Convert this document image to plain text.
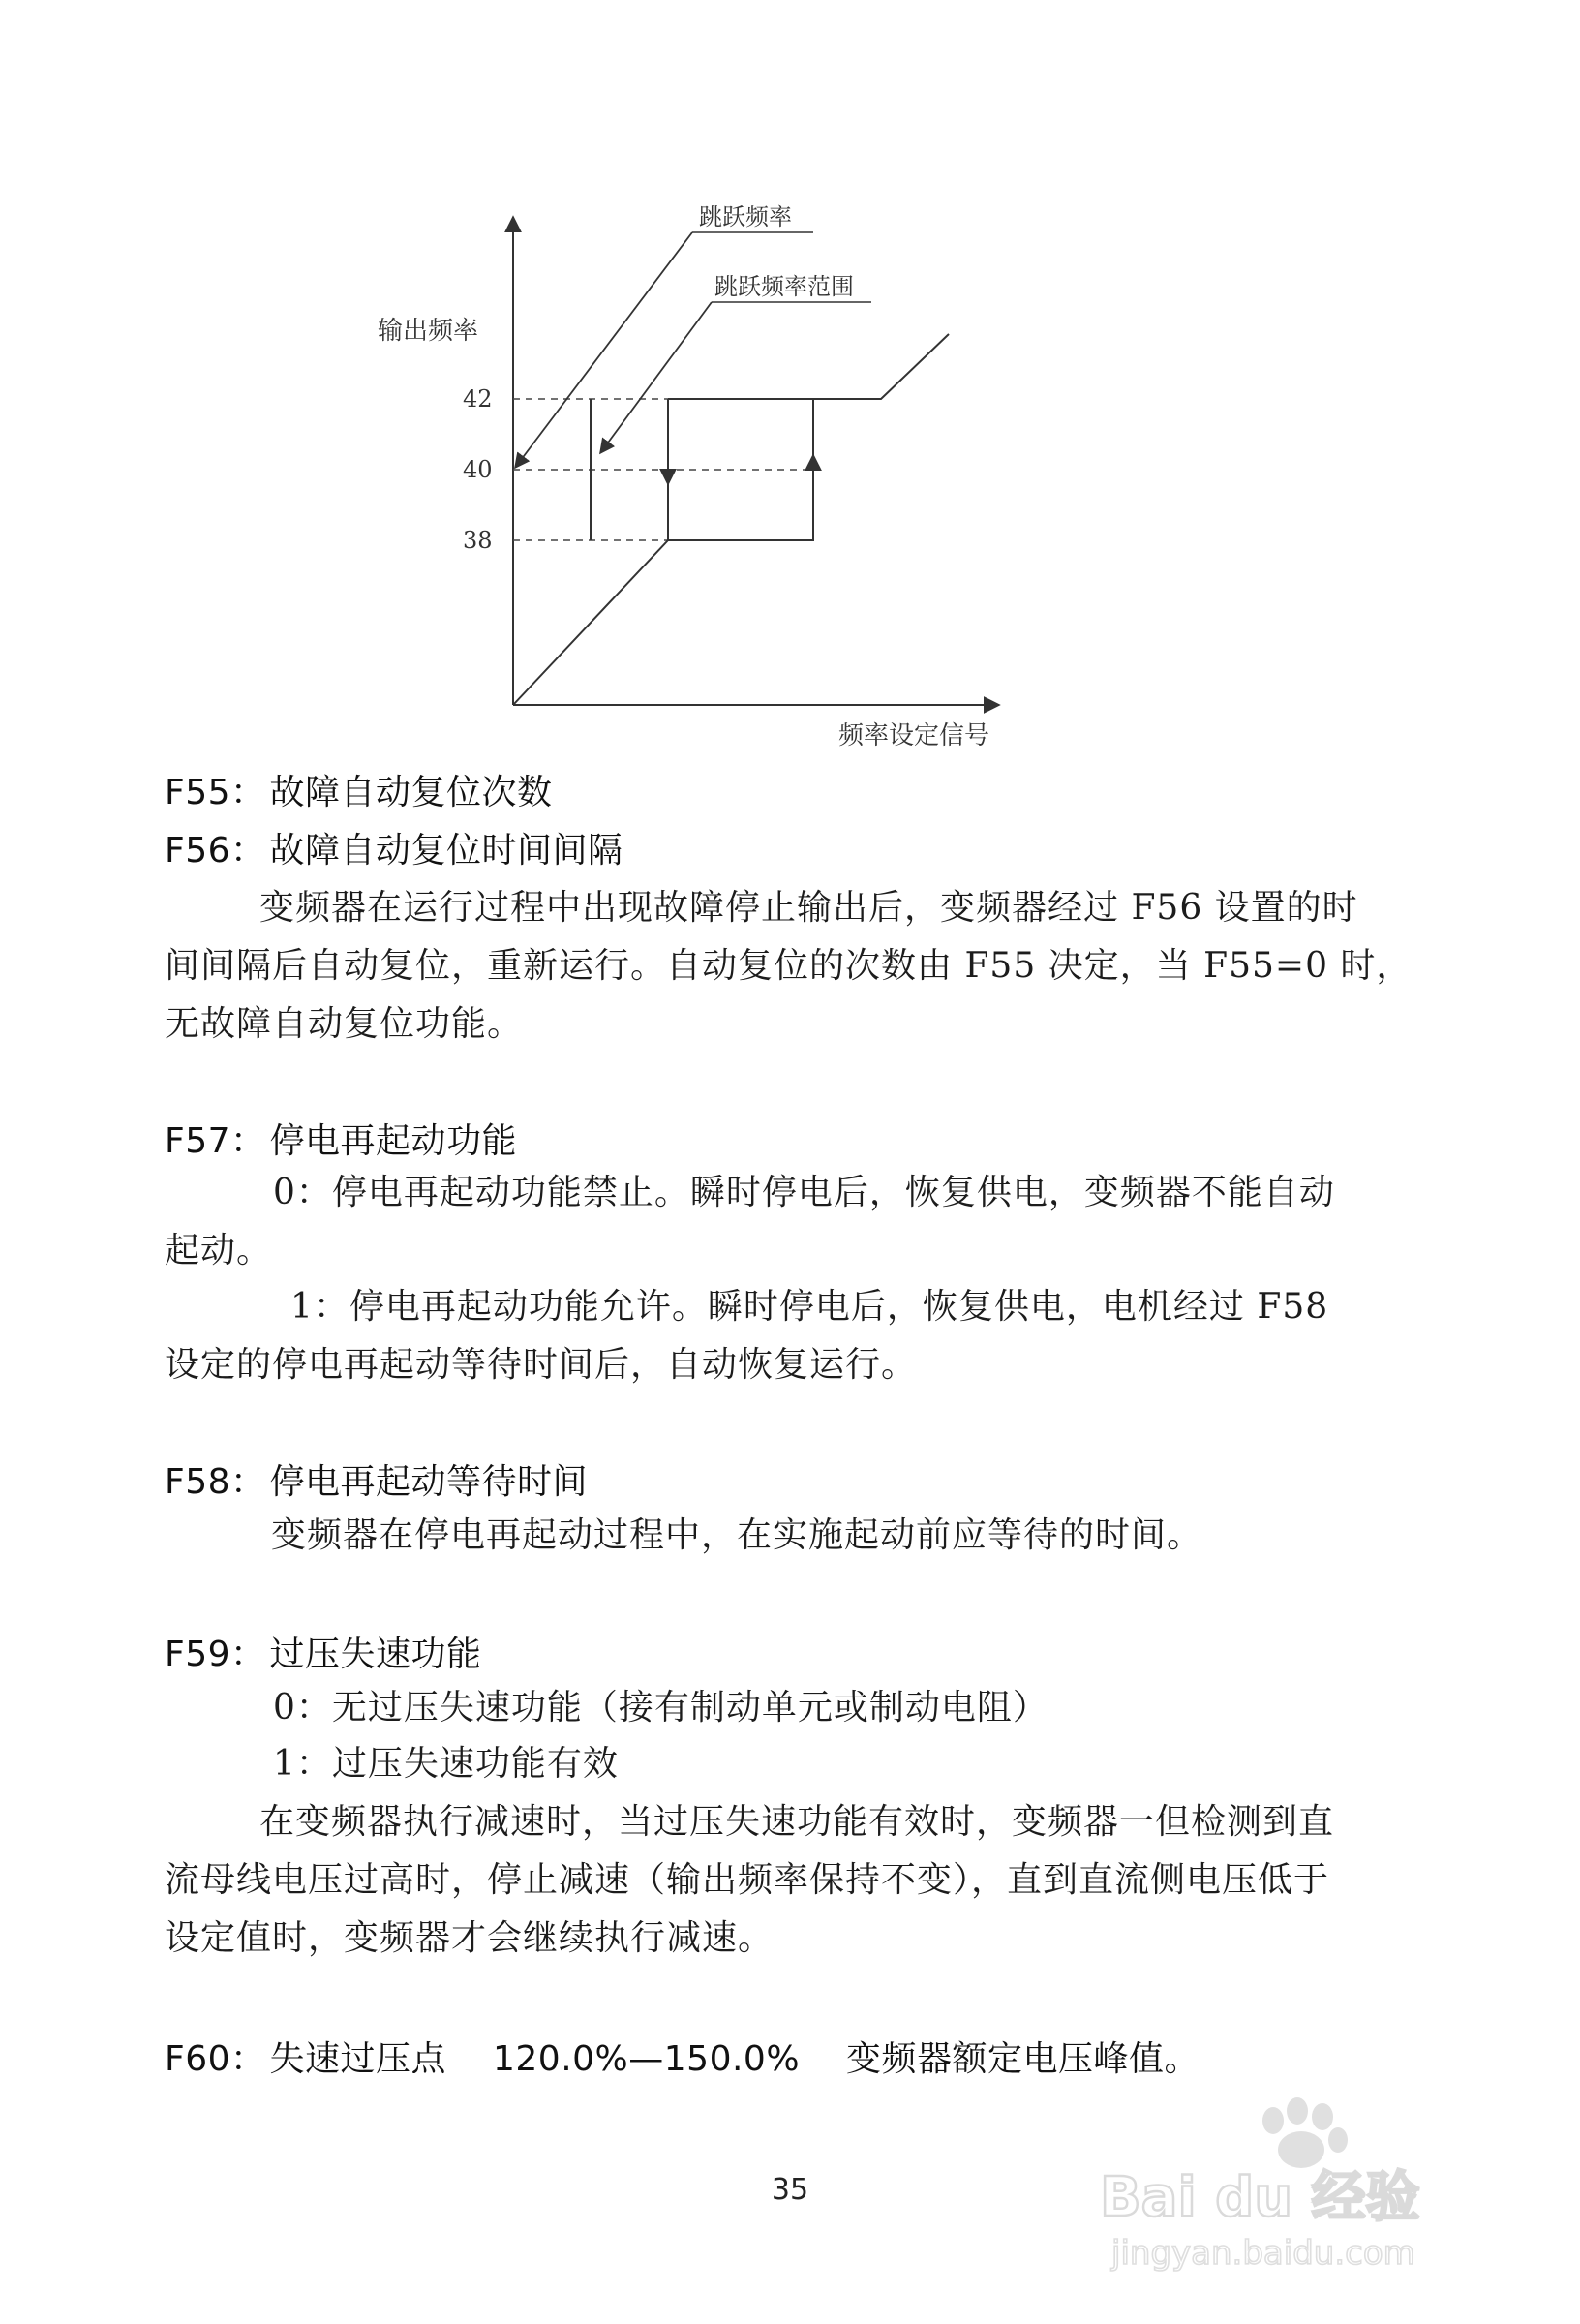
输出频率
频率设定信号
42
40
38
跳跃频率
跳跃频率范围
F55： 故障自动复位次数
F56： 故障自动复位时间间隔
变频器在运行过程中出现故障停止输出后，变频器经过 F56 设置的时
间间隔后自动复位，重新运行。自动复位的次数由 F55 决定，当 F55=0 时，
无故障自动复位功能。
F57： 停电再起动功能
0：停电再起动功能禁止。瞬时停电后，恢复供电，变频器不能自动
起动。
1：停电再起动功能允许。瞬时停电后，恢复供电，电机经过 F58
设定的停电再起动等待时间后，自动恢复运行。
F58： 停电再起动等待时间
变频器在停电再起动过程中，在实施起动前应等待的时间。
F59： 过压失速功能
0：无过压失速功能（接有制动单元或制动电阻）
1：过压失速功能有效
在变频器执行减速时，当过压失速功能有效时，变频器一但检测到直
流母线电压过高时，停止减速（输出频率保持不变），直到直流侧电压低于
设定值时，变频器才会继续执行减速。
F60： 失速过压点 120.0%—150.0% 变频器额定电压峰值。
35	Bai du 经验
jingyan.baidu.com
